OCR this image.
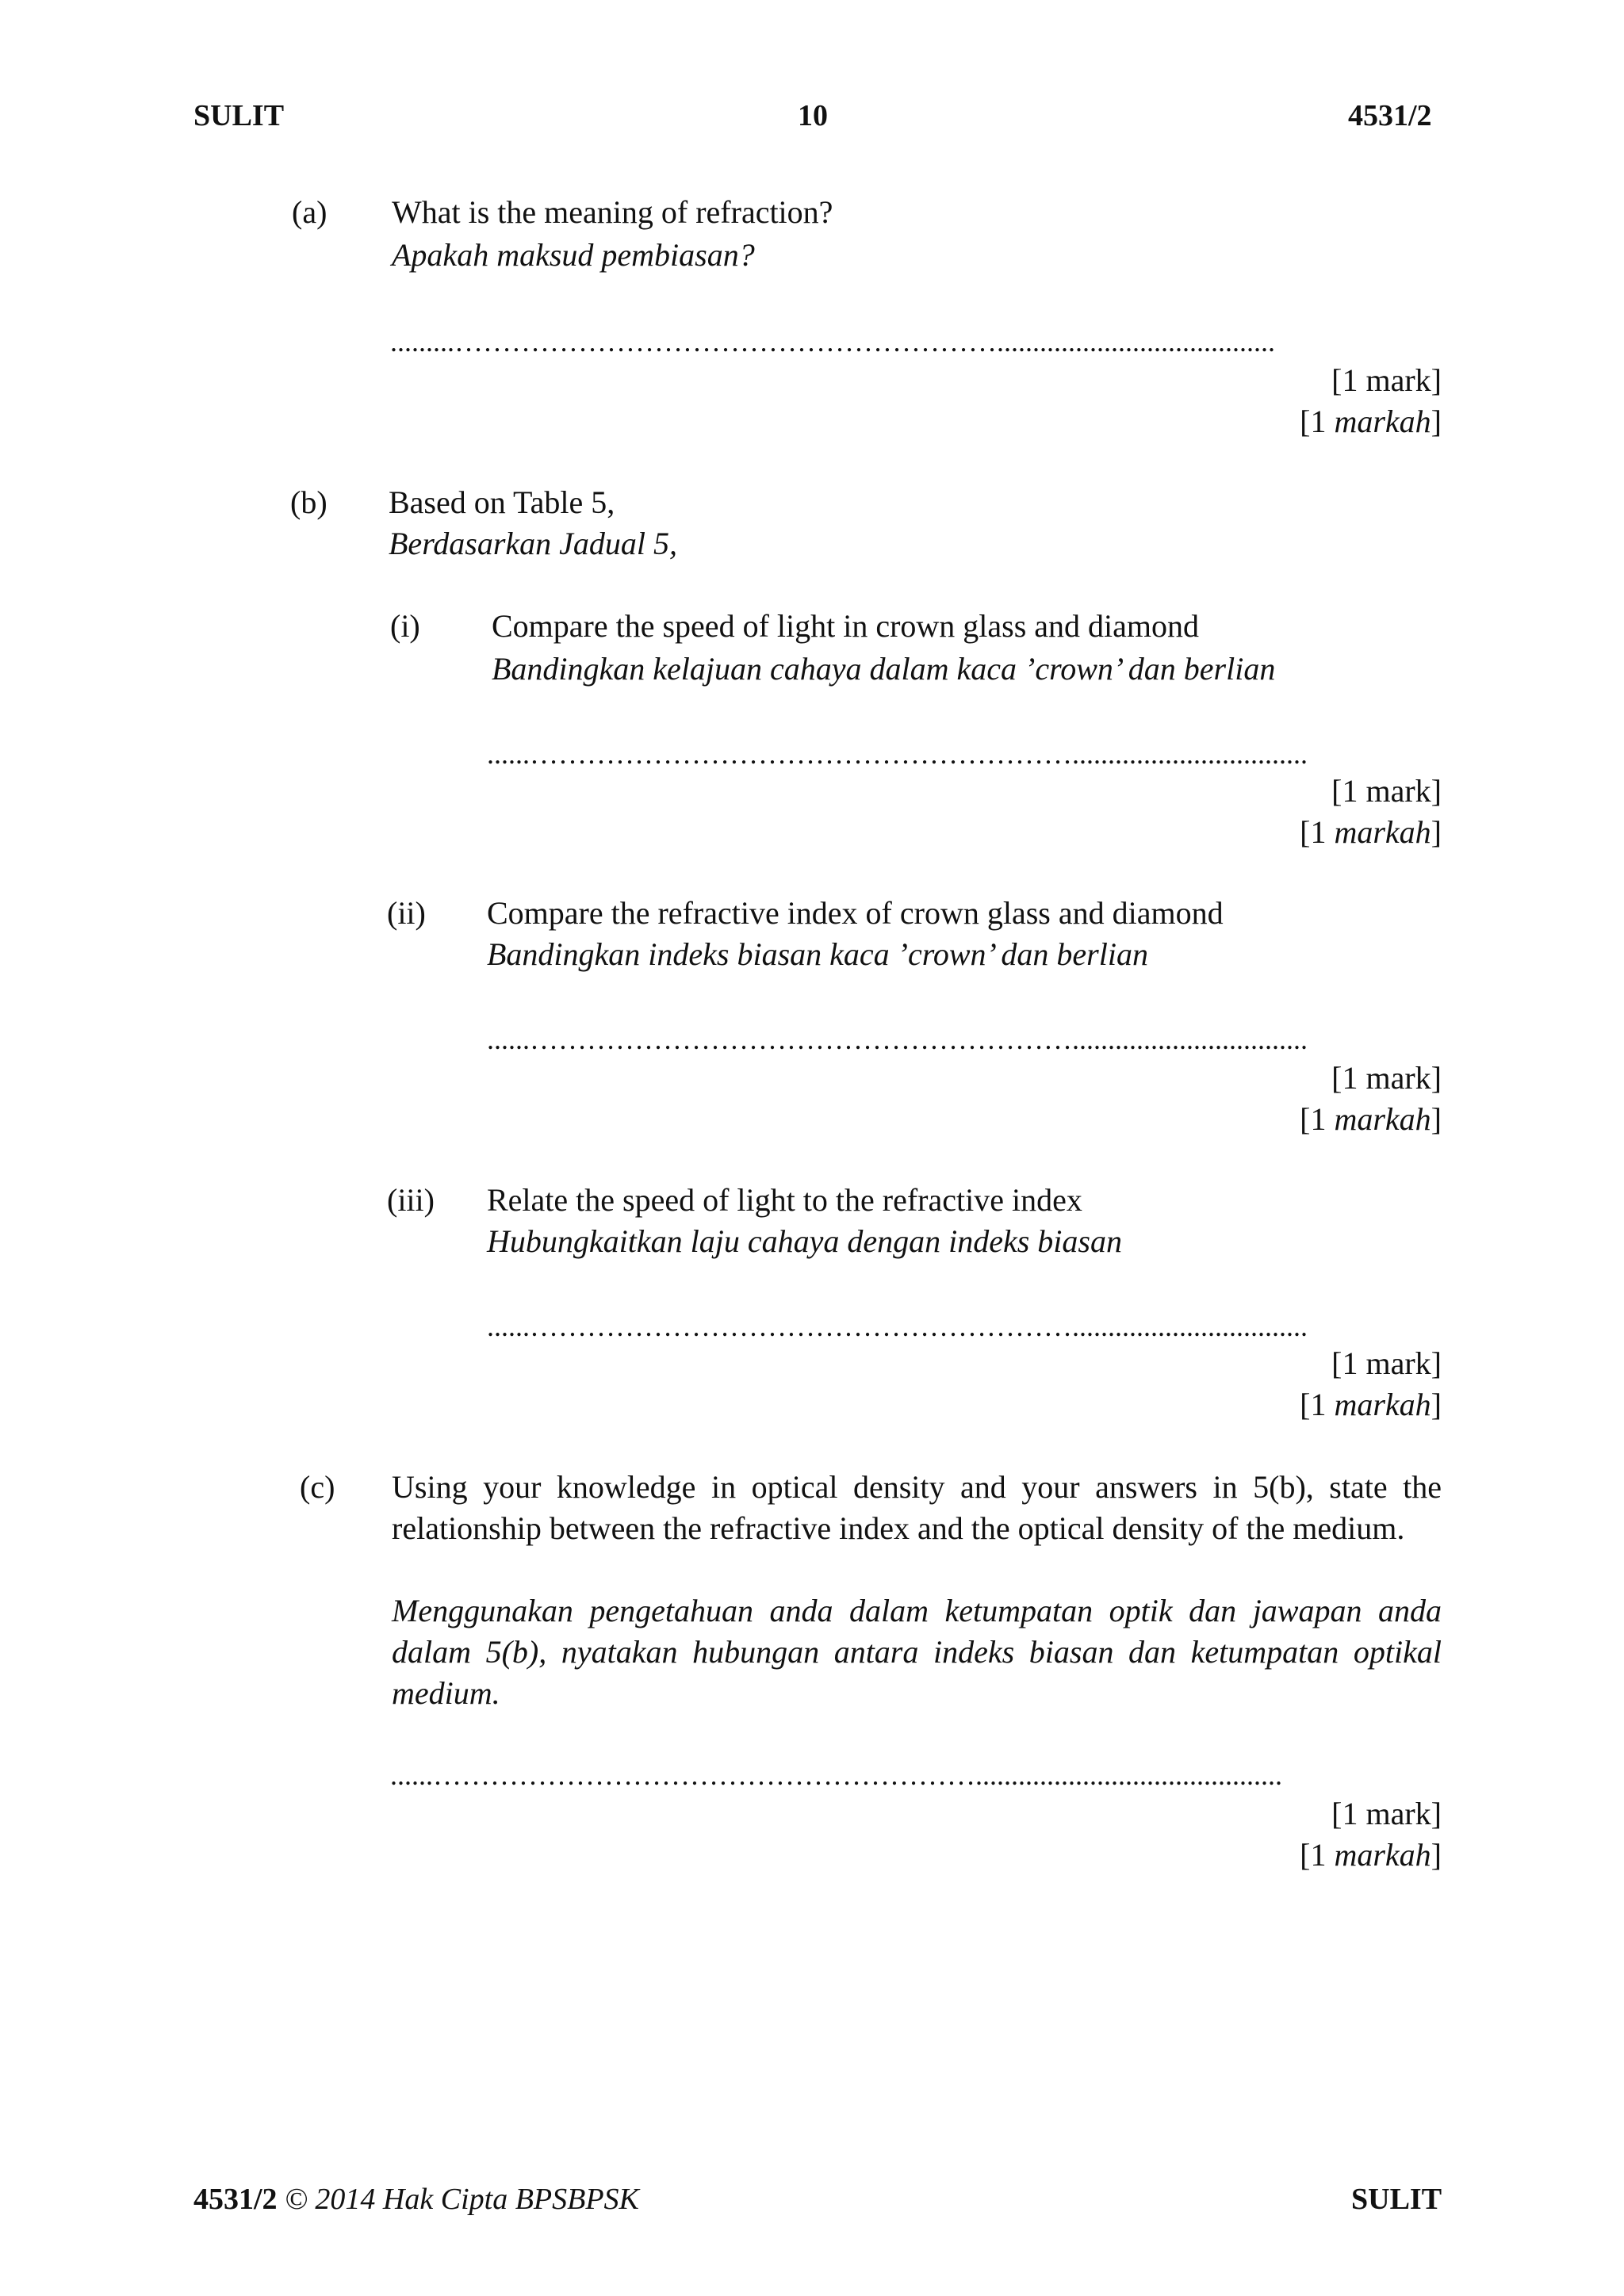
SULIT	10	4531/2
(a) What is the meaning of refraction?
Apakah maksud pembiasan?
.........………………………………………………….......................................
[1 mark]
[1 markah]
(b) Based on Table 5,
Berdasarkan Jadual 5,
(i) Compare the speed of light in crown glass and diamond
Bandingkan kelajuan cahaya dalam kaca ’crown’ dan berlian
......………………………………………………….................................
[1 mark]
[1 markah]
(ii) Compare the refractive index of crown glass and diamond
Bandingkan indeks biasan kaca ’crown’ dan berlian
......………………………………………………….................................
[1 mark]
[1 markah]
(iii) Relate the speed of light to the refractive index
Hubungkaitkan laju cahaya dengan indeks biasan
......………………………………………………….................................
[1 mark]
[1 markah]
(c) Using your knowledge in optical density and your answers in 5(b), state the relationship between the refractive index and the optical density of the medium.
Menggunakan pengetahuan anda dalam ketumpatan optik dan jawapan anda dalam 5(b), nyatakan hubungan antara indeks biasan dan ketumpatan optikal medium.
......…………………………………………………...........................................
[1 mark]
[1 markah]
4531/2 © 2014 Hak Cipta BPSBPSK	SULIT
